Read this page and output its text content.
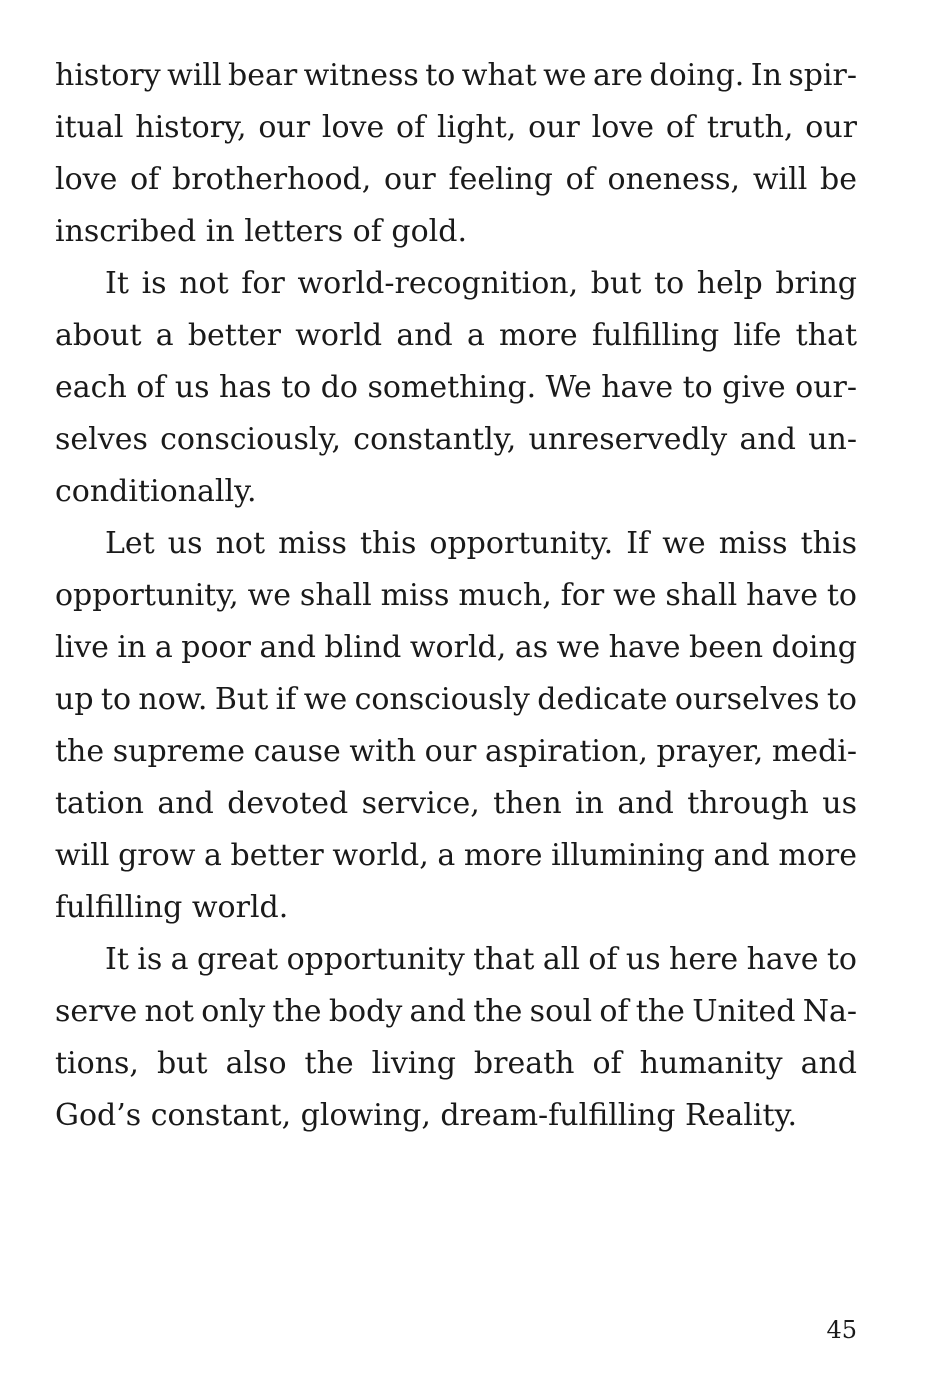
history will bear witness to what we are doing. In spir-
itual history, our love of light, our love of truth, our
love of brotherhood, our feeling of oneness, will be
inscribed in letters of gold.
It is not for world-recognition, but to help bring
about a better world and a more fulfilling life that
each of us has to do something. We have to give our-
selves consciously, constantly, unreservedly and un-
conditionally.
Let us not miss this opportunity. If we miss this
opportunity, we shall miss much, for we shall have to
live in a poor and blind world, as we have been doing
up to now. But if we consciously dedicate ourselves to
the supreme cause with our aspiration, prayer, medi-
tation and devoted service, then in and through us
will grow a better world, a more illumining and more
fulfilling world.
It is a great opportunity that all of us here have to
serve not only the body and the soul of the United Na-
tions, but also the living breath of humanity and
God’s constant, glowing, dream-fulfilling Reality.
45
